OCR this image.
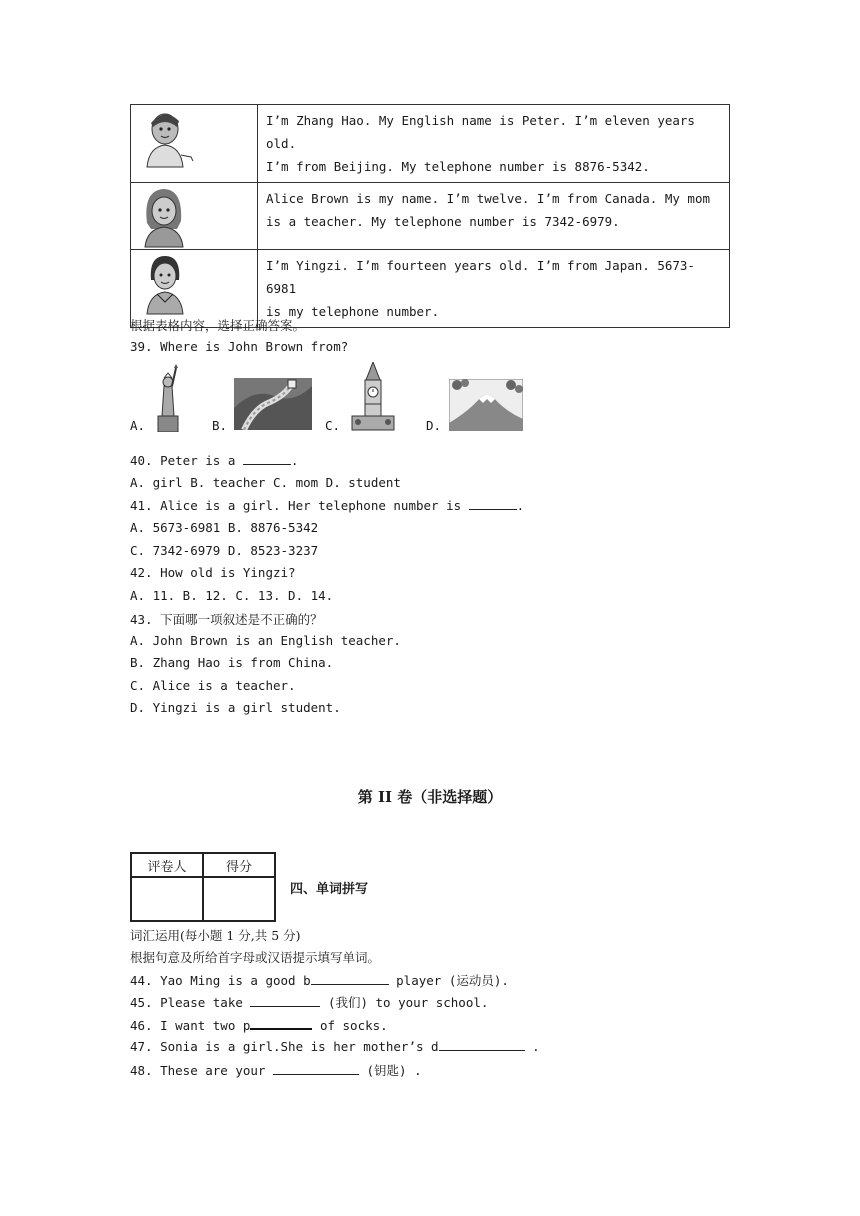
I’m Zhang Hao. My English name is Peter. I’m eleven years old.
I’m from Beijing. My telephone number is 8876-5342.

Alice Brown is my name. I’m twelve. I’m from Canada. My mom
is a teacher. My telephone number is 7342-6979.

I’m Yingzi. I’m fourteen years old. I’m from Japan. 5673-6981
is my telephone number.
根据表格内容，选择正确答案。
39. Where is John Brown from?
A.	B.	C.	D.
40. Peter is a	.
A. girl B. teacher C. mom D. student
41. Alice is a girl. Her telephone number is	.
A. 5673-6981 B. 8876-5342
C. 7342-6979 D. 8523-3237
42. How old is Yingzi?
A. 11. B. 12. C. 13. D. 14.
43. 下面哪一项叙述是不正确的？
A. John Brown is an English teacher.
B. Zhang Hao is from China.
C. Alice is a teacher.
D. Yingzi is a girl student.
第 II 卷（非选择题）
评卷人	得分

四、单词拼写
词汇运用(每小题 1 分,共 5 分)
根据句意及所给首字母或汉语提示填写单词。
44. Yao Ming is a good b	player (运动员).
45. Please take	(我们) to your school.
46. I want two p	of socks.
47. Sonia is a girl.She is her mother’s d	.
48. These are your	(钥匙) .
